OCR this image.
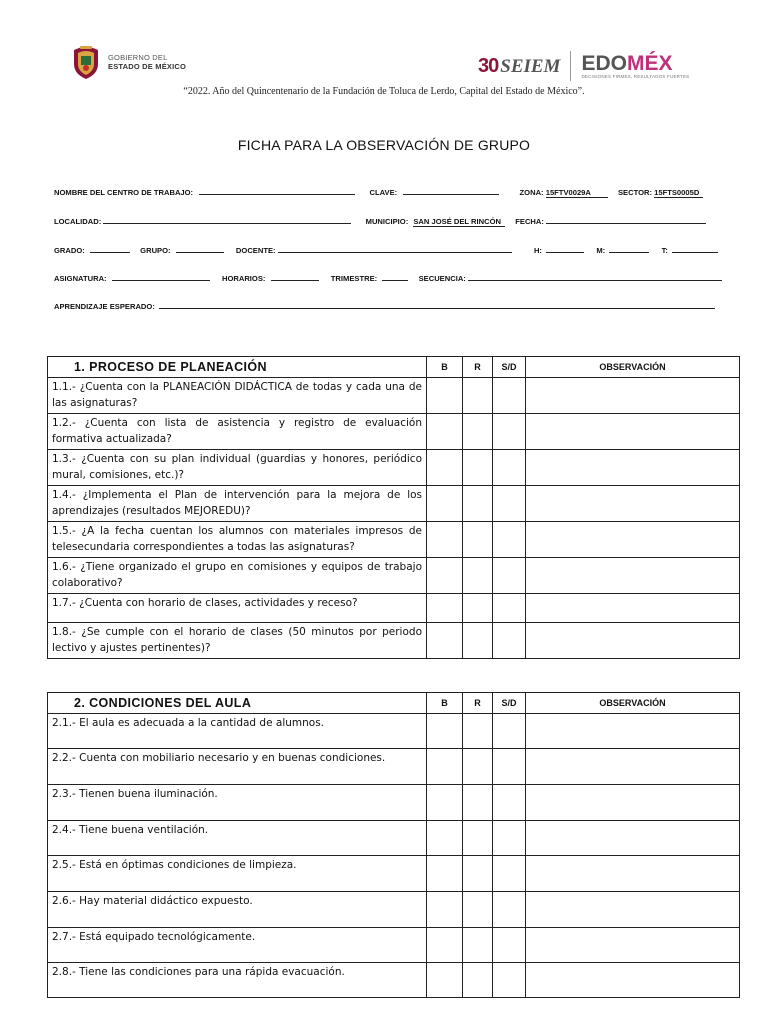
GOBIERNO DEL
ESTADO DE MÉXICO	30 SEIEM EDOMÉX
DECISIONES FIRMES, RESULTADOS FUERTES
“2022. Año del Quincentenario de la Fundación de Toluca de Lerdo, Capital del Estado de México”.
FICHA PARA LA OBSERVACIÓN DE GRUPO
NOMBRE DEL CENTRO DE TRABAJO:	CLAVE:	ZONA: 15FTV0029A	SECTOR: 15FTS0005D
LOCALIDAD:	MUNICIPIO: SAN JOSÉ DEL RINCÓN FECHA:
GRADO:	GRUPO:	DOCENTE:	H:	M:	T:
ASIGNATURA:	HORARIOS:	TRIMESTRE:	SECUENCIA:
APRENDIZAJE ESPERADO:
1. PROCESO DE PLANEACIÓN	B	R	S/D	OBSERVACIÓN
1.1.- ¿Cuenta con la PLANEACIÓN DIDÁCTICA de todas y cada una de las asignaturas?				
1.2.- ¿Cuenta con lista de asistencia y registro de evaluación formativa actualizada?				
1.3.- ¿Cuenta con su plan individual (guardias y honores, periódico mural, comisiones, etc.)?				
1.4.- ¿Implementa el Plan de intervención para la mejora de los aprendizajes (resultados MEJOREDU)?				
1.5.- ¿A la fecha cuentan los alumnos con materiales impresos de telesecundaria correspondientes a todas las asignaturas?				
1.6.- ¿Tiene organizado el grupo en comisiones y equipos de trabajo colaborativo?				
1.7.- ¿Cuenta con horario de clases, actividades y receso?				
1.8.- ¿Se cumple con el horario de clases (50 minutos por periodo lectivo y ajustes pertinentes)?				
2. CONDICIONES DEL AULA	B	R	S/D	OBSERVACIÓN
2.1.- El aula es adecuada a la cantidad de alumnos.				
2.2.- Cuenta con mobiliario necesario y en buenas condiciones.				
2.3.- Tienen buena iluminación.				
2.4.- Tiene buena ventilación.				
2.5.- Está en óptimas condiciones de limpieza.				
2.6.- Hay material didáctico expuesto.				
2.7.- Está equipado tecnológicamente.				
2.8.- Tiene las condiciones para una rápida evacuación.				
